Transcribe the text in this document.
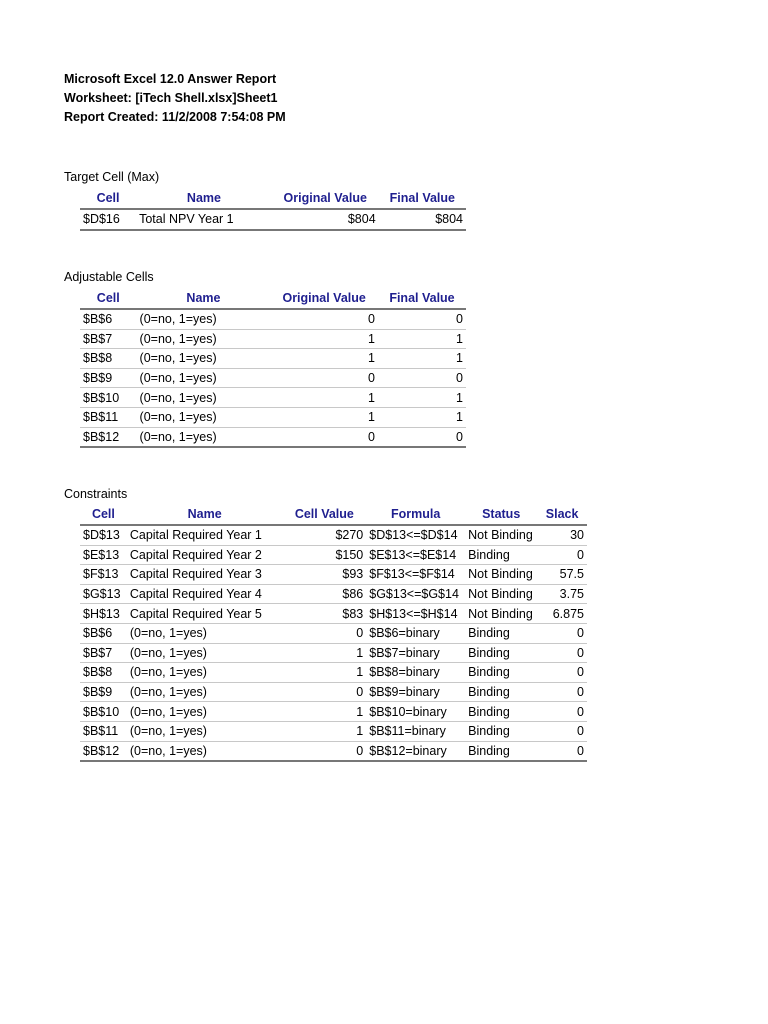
Microsoft Excel 12.0 Answer Report
Worksheet: [iTech Shell.xlsx]Sheet1
Report Created: 11/2/2008 7:54:08 PM
Target Cell (Max)
Cell	Name	Original Value	Final Value
$D$16	Total NPV Year 1	$804	$804
Adjustable Cells
Cell	Name	Original Value	Final Value
$B$6	(0=no, 1=yes)	0	0
$B$7	(0=no, 1=yes)	1	1
$B$8	(0=no, 1=yes)	1	1
$B$9	(0=no, 1=yes)	0	0
$B$10	(0=no, 1=yes)	1	1
$B$11	(0=no, 1=yes)	1	1
$B$12	(0=no, 1=yes)	0	0
Constraints
Cell	Name	Cell Value	Formula	Status	Slack
$D$13	Capital Required Year 1	$270	$D$13<=$D$14	Not Binding	30
$E$13	Capital Required Year 2	$150	$E$13<=$E$14	Binding	0
$F$13	Capital Required Year 3	$93	$F$13<=$F$14	Not Binding	57.5
$G$13	Capital Required Year 4	$86	$G$13<=$G$14	Not Binding	3.75
$H$13	Capital Required Year 5	$83	$H$13<=$H$14	Not Binding	6.875
$B$6	(0=no, 1=yes)	0	$B$6=binary	Binding	0
$B$7	(0=no, 1=yes)	1	$B$7=binary	Binding	0
$B$8	(0=no, 1=yes)	1	$B$8=binary	Binding	0
$B$9	(0=no, 1=yes)	0	$B$9=binary	Binding	0
$B$10	(0=no, 1=yes)	1	$B$10=binary	Binding	0
$B$11	(0=no, 1=yes)	1	$B$11=binary	Binding	0
$B$12	(0=no, 1=yes)	0	$B$12=binary	Binding	0
